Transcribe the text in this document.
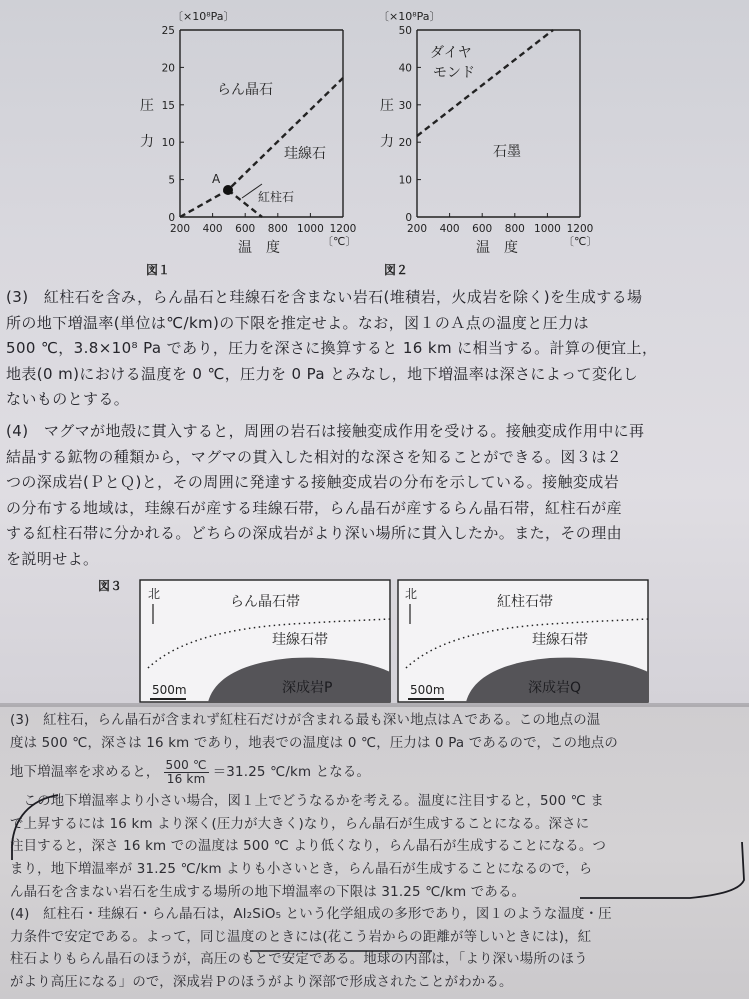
〔×10⁸Pa〕
0
5
10
15
20
25
200 400 600 800 1000 1200
A
らん晶石
珪線石
紅柱石
圧
力
温　度	〔℃〕
図１
〔×10⁸Pa〕
0
10
20
30
40
50
200 400 600 800 1000 1200
ダイヤ
モンド
石墨
圧
力
温　度	〔℃〕
図２
図３
北	らん晶石帯
珪線石帯
深成岩P
500m
北	紅柱石帯
珪線石帯
深成岩Q
500m
(3)　紅柱石を含み，らん晶石と珪線石を含まない岩石(堆積岩，火成岩を除く)を生成する場
所の地下増温率(単位は℃/km)の下限を推定せよ。なお，図１のＡ点の温度と圧力は
500 ℃，3.8×10⁸ Pa であり，圧力を深さに換算すると 16 km に相当する。計算の便宜上，
地表(0 m)における温度を 0 ℃，圧力を 0 Pa とみなし，地下増温率は深さによって変化し
ないものとする。
(4)　マグマが地殻に貫入すると，周囲の岩石は接触変成作用を受ける。接触変成作用中に再
結晶する鉱物の種類から，マグマの貫入した相対的な深さを知ることができる。図３は２
つの深成岩(ＰとＱ)と，その周囲に発達する接触変成岩の分布を示している。接触変成岩
の分布する地域は，珪線石が産する珪線石帯，らん晶石が産するらん晶石帯，紅柱石が産
する紅柱石帯に分かれる。どちらの深成岩がより深い場所に貫入したか。また，その理由
を説明せよ。
(3)　紅柱石，らん晶石が含まれず紅柱石だけが含まれる最も深い地点はＡである。この地点の温
度は 500 ℃，深さは 16 km であり，地表での温度は 0 ℃，圧力は 0 Pa であるので，この地点の
地下増温率を求めると， $\frac{500 ℃}{16 km} =31.25$ ℃/km となる。
　この地下増温率より小さい場合，図１上でどうなるかを考える。温度に注目すると，500 ℃ ま
で上昇するには 16 km より深く(圧力が大きく)なり，らん晶石が生成することになる。深さに
注目すると，深さ 16 km での温度は 500 ℃ より低くなり，らん晶石が生成することになる。つ
まり，地下増温率が 31.25 ℃/km よりも小さいとき，らん晶石が生成することになるので，ら
ん晶石を含まない岩石を生成する場所の地下増温率の下限は 31.25 ℃/km である。
(4)　紅柱石・珪線石・らん晶石は，Al₂SiO₅ という化学組成の多形であり，図１のような温度・圧
力条件で安定である。よって，同じ温度のときには(花こう岩からの距離が等しいときには)，紅
柱石よりもらん晶石のほうが，高圧のもとで安定である。地球の内部は，「より深い場所のほう
がより高圧になる」ので，深成岩Ｐのほうがより深部で形成されたことがわかる。
